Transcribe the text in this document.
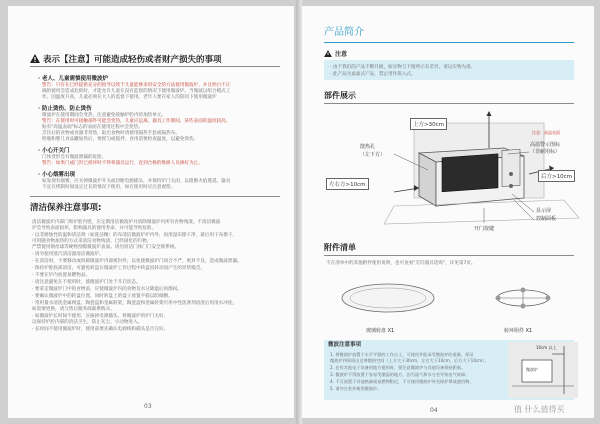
表示【注意】可能造成轻伤或者财产损失的事项
· 老人、儿童需慎使用微波炉
警告：只有在已经提供充分的指导以致于儿童能够采用安全的方法使用微波炉，并且明白不正
确的使用会造成危险时，才能允许儿童在没有监督的情况下使用微波炉。当微波以组合模式工
作、因温度升高，儿童必须在大人的监督下使用。老年人要在家人的陪同下使用微波炉
· 防止烫伤、防止烫伤
微波炉在使用期间会变热，注意避免接触炉腔内的加热单元。
警告：在使用时可接触部件可能会变热，儿童应远离。器具工作期间，某些表面的温度较高。
贴有"高温表面"标志的表面在使用过程中会变热。
烹饪后的食物或食器非常烫，取出食物时请使用隔热手套或隔热布。
奶瓶和婴儿食品罐加热后，要摇匀或搅拌，食用前要检查温度，以避免烫伤。
· 小心开关门
门体变形会有微波泄漏的危险。
警告：如果门或门封已损坏时不得将器具运行，直到合格的维修人员修好为止。
· 小心烟雾出现
如发现有烟雾，应关掉微波炉开关或切断电源插头，并保持炉门关闭，以阻断火焰蔓延。器具
不宜在烤制时间设定过长的情况下使用，如在使用时应注意观察。
清洁保养注意事项:
清洁微波炉内部门和炉腔内壁，应定期清洁微波炉并清除微波炉内所有食物残渣。不清洁微波
炉会导致表面损坏，影响器具的使用寿命，并可能导致危险。
· 以非磨蚀性的温和清洁剂（如洗洁精）的布清洁微波炉炉内外，再用湿布擦干净，最后用干布擦干，
可用随食物加热的方式来清洁食物残渣、已经固化的污物，
严禁使用钢丝球等硬物刮擦微波炉表面。请勿清洁门体门门安全锁系统。
· 请勿使用蒸汽清洁器清洁微波炉。
· 在清洁时，不要移动或拆卸微波炉内部密封件，以免使微波炉门闭合不严，密封不良，造成微波泄漏。
· 保持炉腔底部清洁，可避免转盘在微波炉工作过程中转盘因转动而产生的异常噪音。
· 不要在炉内放置易燃物品。
· 请注意避免在不使用时，使微波炉门处于开启状态。
· 要拿走微波炉门中的食物前，应使微波炉内的食物及水分降温后再擦拭。
· 要确认微波炉中的转盘位置，同时转盘上的盘子放置平稳以防倾倒。
· 常用量水清洗金属网盘、陶瓷盘和金属转架，陶瓷盘和金属转架可用中性洗涤剂清洗后用清水冲洗，
如需要更换，请与售后服务商联系购买。
· 如微波炉长时间不使用，应拔掉电源插头，将微波炉的炉门关好，
以保持炉腔内部的清洁卫生，防止灰尘、小动物进入。
· 长时间不使用微波炉时，使用前要先确认电源线和插头是否完好。
03
产品简介
注意
· 由于我们的产品不断升级，如实物与下图所示有差异，请以实物为准。
· 此产品为桌面式产品，禁止用作嵌入式。
部件展示
上方>30cm
左右方>10cm
后方>10cm
散热孔
（左下方）
注意：高温表面
高温警示图标
（非耐用标）
显示屏
控制面板
开门按键
附件清单
不在清单中的其他附件使用说明，也可查看"烹饪器具选购"，详见第7页。
玻璃转盘 X1	转环组件 X1
微波注意事项
1. 将微波炉放置于水平平稳的工作台上，可使用并能承受微波炉的重量，保证
微波炉四周留出足够散热空间（上方大于30cm，左右大于10cm，后方大于10cm）。
2. 在有其他电子设备的地方使用时，要注意微波炉与其他设备保持距离。
3. 微波炉不得放置于容易受潮湿的地方，因为湿气和水分会导致电气故障。
4. 不可放置于其他热源或易燃物附近，不可使用微波炉外壳保护罩或遮挡物。
5. 请勿在室外使用微波炉。
10cm 以上
微波炉
04	值 什么值得买
